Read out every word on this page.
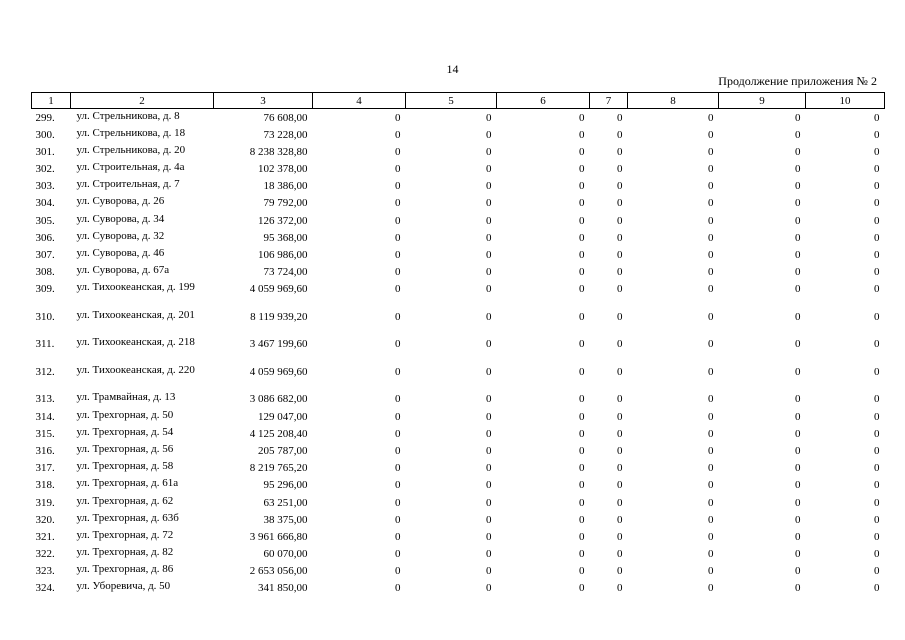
14
Продолжение приложения № 2
1	2	3	4	5	6	7	8	9	10
299.	ул. Стрельникова, д. 8	76 608,00	0	0	0	0	0	0	0
300.	ул. Стрельникова, д. 18	73 228,00	0	0	0	0	0	0	0
301.	ул. Стрельникова, д. 20	8 238 328,80	0	0	0	0	0	0	0
302.	ул. Строительная, д. 4а	102 378,00	0	0	0	0	0	0	0
303.	ул. Строительная, д. 7	18 386,00	0	0	0	0	0	0	0
304.	ул. Суворова, д. 26	79 792,00	0	0	0	0	0	0	0
305.	ул. Суворова, д. 34	126 372,00	0	0	0	0	0	0	0
306.	ул. Суворова, д. 32	95 368,00	0	0	0	0	0	0	0
307.	ул. Суворова, д. 46	106 986,00	0	0	0	0	0	0	0
308.	ул. Суворова, д. 67а	73 724,00	0	0	0	0	0	0	0
309.	ул. Тихоокеанская, д. 199	4 059 969,60	0	0	0	0	0	0	0
310.	ул. Тихоокеанская, д. 201	8 119 939,20	0	0	0	0	0	0	0
311.	ул. Тихоокеанская, д. 218	3 467 199,60	0	0	0	0	0	0	0
312.	ул. Тихоокеанская, д. 220	4 059 969,60	0	0	0	0	0	0	0
313.	ул. Трамвайная, д. 13	3 086 682,00	0	0	0	0	0	0	0
314.	ул. Трехгорная, д. 50	129 047,00	0	0	0	0	0	0	0
315.	ул. Трехгорная, д. 54	4 125 208,40	0	0	0	0	0	0	0
316.	ул. Трехгорная, д. 56	205 787,00	0	0	0	0	0	0	0
317.	ул. Трехгорная, д. 58	8 219 765,20	0	0	0	0	0	0	0
318.	ул. Трехгорная, д. 61а	95 296,00	0	0	0	0	0	0	0
319.	ул. Трехгорная, д. 62	63 251,00	0	0	0	0	0	0	0
320.	ул. Трехгорная, д. 63б	38 375,00	0	0	0	0	0	0	0
321.	ул. Трехгорная, д. 72	3 961 666,80	0	0	0	0	0	0	0
322.	ул. Трехгорная, д. 82	60 070,00	0	0	0	0	0	0	0
323.	ул. Трехгорная, д. 86	2 653 056,00	0	0	0	0	0	0	0
324.	ул. Уборевича, д. 50	341 850,00	0	0	0	0	0	0	0
